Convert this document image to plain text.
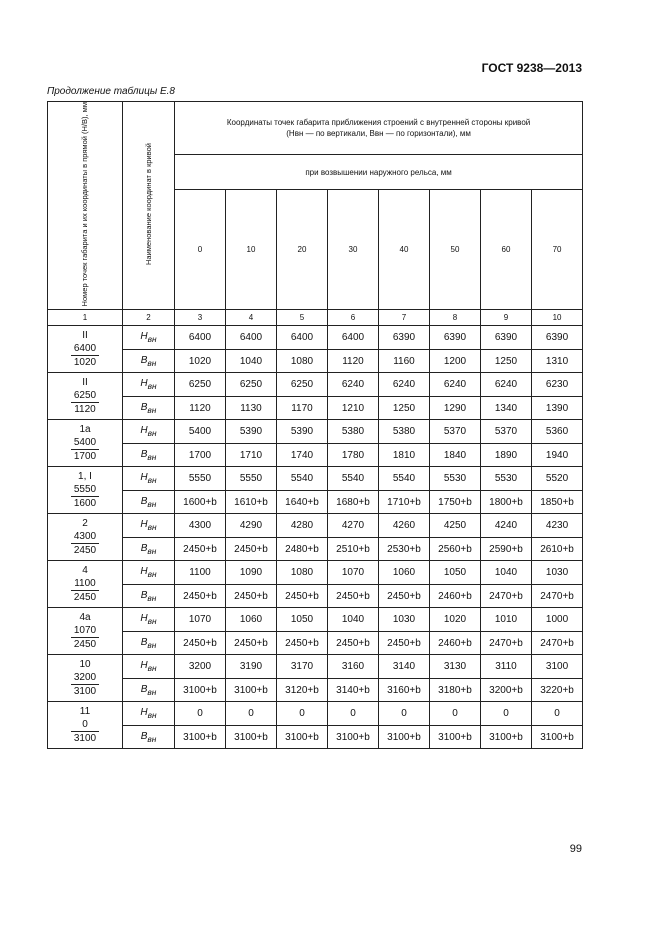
ГОСТ 9238—2013
Продолжение таблицы Е.8
Номер точек габарита и их координаты в прямой (H/B), мм	Наименование координат в кривой	Координаты точек габарита приближения строений с внутренней стороны кривой
(Hвн — по вертикали, Bвн — по горизонтали), мм							

		при возвышении наружного рельса, мм							
		0	10	20	30	40	50	60	70
1	2	3	4	5	6	7	8	9	10

II
$\frac{6400}{1020}$	$H_{вн}$	6400	6400	6400	6400	6390	6390	6390	6390
	$B_{вн}$	1020	1040	1080	1120	1160	1200	1250	1310

II
$\frac{6250}{1120}$	$H_{вн}$	6250	6250	6250	6240	6240	6240	6240	6230
	$B_{вн}$	1120	1130	1170	1210	1250	1290	1340	1390

1а
$\frac{5400}{1700}$	$H_{вн}$	5400	5390	5390	5380	5380	5370	5370	5360
	$B_{вн}$	1700	1710	1740	1780	1810	1840	1890	1940

1, I
$\frac{5550}{1600}$	$H_{вн}$	5550	5550	5540	5540	5540	5530	5530	5520
	$B_{вн}$	1600+b	1610+b	1640+b	1680+b	1710+b	1750+b	1800+b	1850+b

2
$\frac{4300}{2450}$	$H_{вн}$	4300	4290	4280	4270	4260	4250	4240	4230
	$B_{вн}$	2450+b	2450+b	2480+b	2510+b	2530+b	2560+b	2590+b	2610+b

4
$\frac{1100}{2450}$	$H_{вн}$	1100	1090	1080	1070	1060	1050	1040	1030
	$B_{вн}$	2450+b	2450+b	2450+b	2450+b	2450+b	2460+b	2470+b	2470+b

4а
$\frac{1070}{2450}$	$H_{вн}$	1070	1060	1050	1040	1030	1020	1010	1000
	$B_{вн}$	2450+b	2450+b	2450+b	2450+b	2450+b	2460+b	2470+b	2470+b

10
$\frac{3200}{3100}$	$H_{вн}$	3200	3190	3170	3160	3140	3130	3110	3100
	$B_{вн}$	3100+b	3100+b	3120+b	3140+b	3160+b	3180+b	3200+b	3220+b

11
$\frac{0}{3100}$	$H_{вн}$	0	0	0	0	0	0	0	0
	$B_{вн}$	3100+b	3100+b	3100+b	3100+b	3100+b	3100+b	3100+b	3100+b
99
